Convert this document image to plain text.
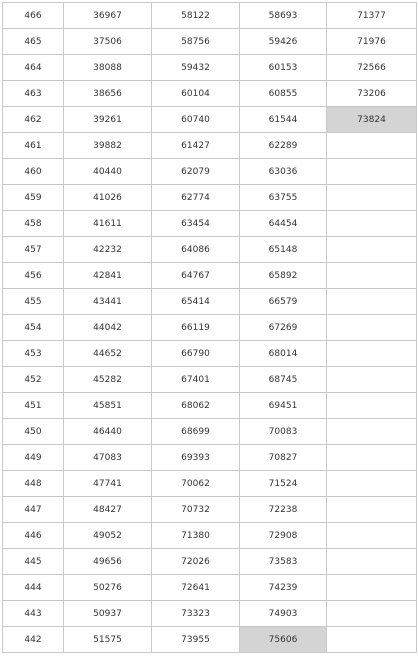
466	36967	58122	58693	71377
465	37506	58756	59426	71976
464	38088	59432	60153	72566
463	38656	60104	60855	73206
462	39261	60740	61544	73824
461	39882	61427	62289	
460	40440	62079	63036	
459	41026	62774	63755	
458	41611	63454	64454	
457	42232	64086	65148	
456	42841	64767	65892	
455	43441	65414	66579	
454	44042	66119	67269	
453	44652	66790	68014	
452	45282	67401	68745	
451	45851	68062	69451	
450	46440	68699	70083	
449	47083	69393	70827	
448	47741	70062	71524	
447	48427	70732	72238	
446	49052	71380	72908	
445	49656	72026	73583	
444	50276	72641	74239	
443	50937	73323	74903	
442	51575	73955	75606	
